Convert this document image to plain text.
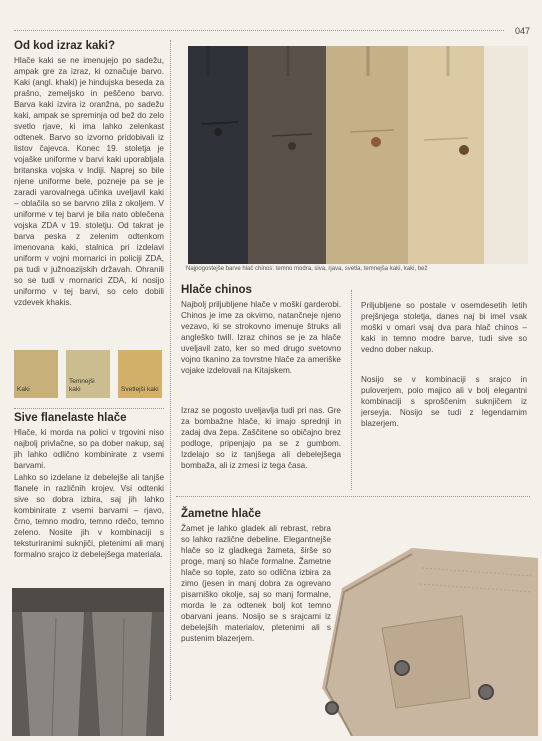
047
Od kod izraz kaki?

Hlače kaki se ne imenujejo po sadežu, ampak gre za izraz, ki označuje barvo. Kaki (angl. khaki) je hindujska beseda za prašno, zemeljsko in peščeno barvo. Barva kaki izvira iz oranžna, po sadežu kaki, ampak se spreminja od bež do zelo svetlo rjave, ki ima lahko zelenkast odtenek. Barvo so izvorno pridobivali iz listov čajevca. Konec 19. stoletja je vojaške uniforme v barvi kaki uporabljala britanska vojska v Indiji. Naprej so bile njene uniforme bele, pozneje pa se je zaradi varovalnega učinka uveljavil kaki – oblačila so se barvno zlila z okoljem. V uniforme v tej barvi je bila nato oblečena vojska ZDA v 19. stoletju. Od takrat je barva peska z zelenim odtenkom imenovana kaki, stalnica pri izdelavi uniform v vojni mornarici in policiji ZDA, pa tudi v južnoazijskih državah. Ohranili so se tudi v mornarici ZDA, ki nosijo uniformo v tej barvi, so celo dobili vzdevek khakis.

Kaki
Temnejši kaki	Svetlejši kaki
Sive flanelaste hlače

Hlače, ki morda na polici v trgovini niso najbolj privlačne, so pa dober nakup, saj jih lahko odlično kombinirate z vsemi barvami.

Lahko so izdelane iz debelejše ali tanjše flanele in različnih krojev. Vsi odtenki sive so dobra izbira, saj jih lahko kombinirate z vsemi barvami – rjavo, črno, temno modro, temno rdečo, temno zeleno. Nosite jih v kombinaciji s teksturiranimi suknjiči, pletenimi ali manj formalno srajco iz debelejšega materiala.

Najpogostejše barve hlač chinos: temno modra, siva, rjava, svetla, temnejša kaki, kaki, bež
Hlače chinos

Najbolj priljubljene hlače v moški garderobi. Chinos je ime za okvirno, natančneje njeno vezavo, ki se strokovno imenuje štruks ali angleško twill. Izraz chinos se je za hlače uveljavil zato, ker so med drugo svetovno vojno tkanino za tovrstne hlače za ameriške vojake izdelovali na Kitajskem.

Izraz se pogosto uveljavlja tudi pri nas. Gre za bombažne hlače, ki imajo sprednji in zadaj dva žepa. Zaščitene so običajno brez podloge, pripenjajo pa se z gumbom. Izdelajo so iz tanjšega ali debelejšega bombaža, ali iz zmesi iz tega časa.

Priljubljene so postale v osemdesetih letih prejšnjega stoletja, danes naj bi imel vsak moški v omari vsaj dva para hlač chinos – kaki in temno modre barve, tudi sive so vedno dober nakup.

Nosijo se v kombinaciji s srajco in puloverjem, polo majico ali v bolj elegantni kombinaciji s sproščenim suknjičem iz jerseyja. Nosijo se tudi z legendarnim blazerjem.

Žametne hlače

Žamet je lahko gladek ali rebrast, rebra so lahko različne debeline. Elegantnejše hlače so iz gladkega žameta, širše so proge, manj so hlače formalne. Žametne hlače so tople, zato so odlična izbira za zimo (jesen in manj dobra za ogrevano pisarniško okolje, saj so manj formalne, morda le za odtenek bolj kot temno obarvani jeans. Nosijo se s srajcami iz debelejših materialov, pletenimi ali s pustenim blazerjem.
